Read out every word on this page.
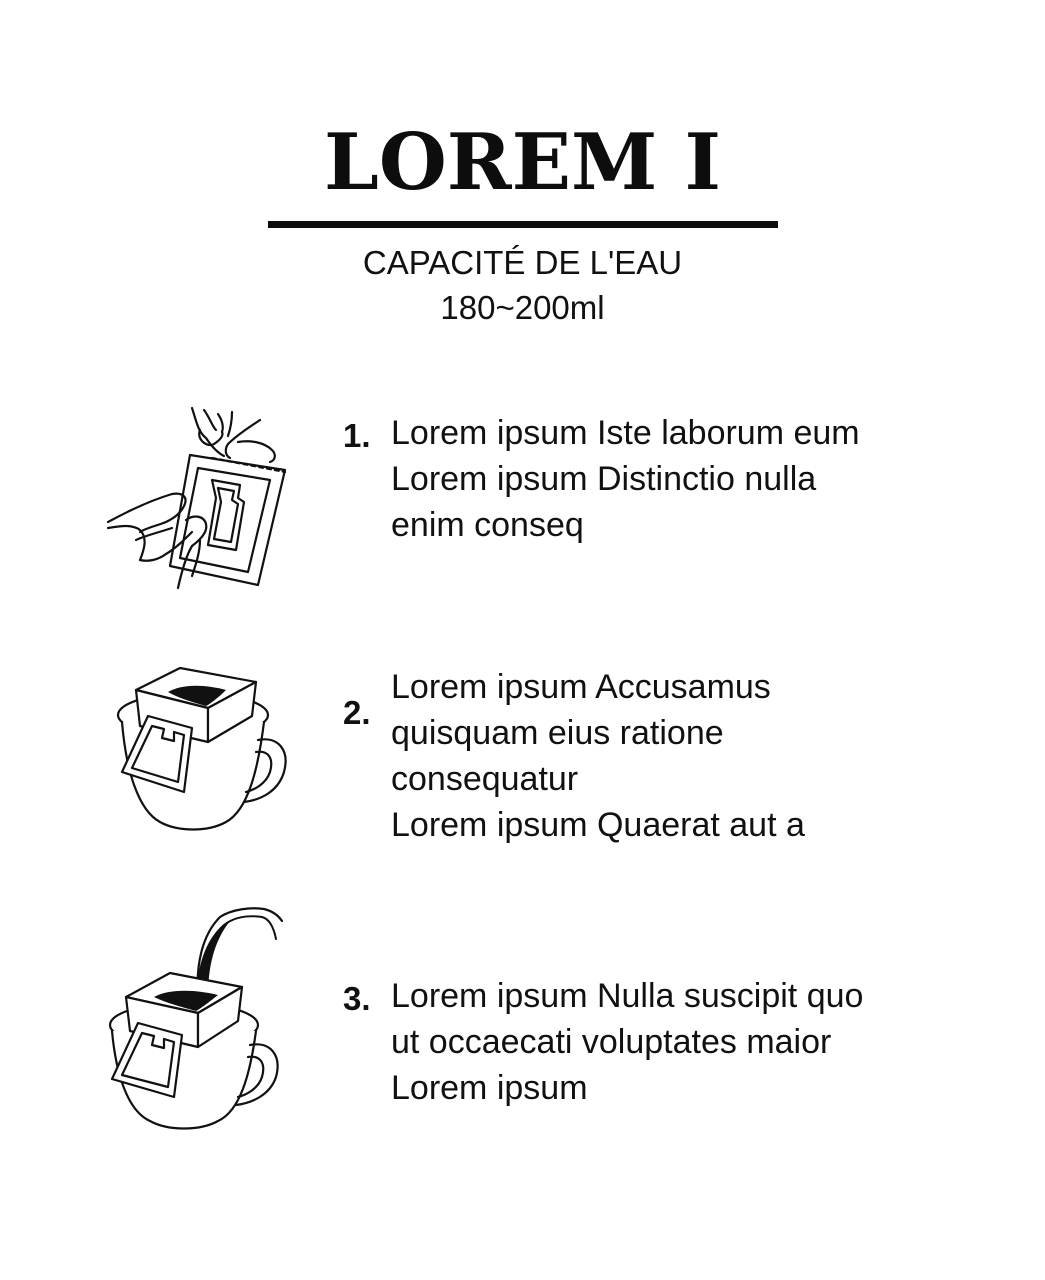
LOREM I
CAPACITÉ DE L'EAU
180~200ml
1. Lorem ipsum Iste laborum eum
Lorem ipsum Distinctio nulla
enim conseq
2.
Lorem ipsum Accusamus
quisquam eius ratione
consequatur
Lorem ipsum Quaerat aut a
3. Lorem ipsum Nulla suscipit quo
ut occaecati voluptates maior
Lorem ipsum
